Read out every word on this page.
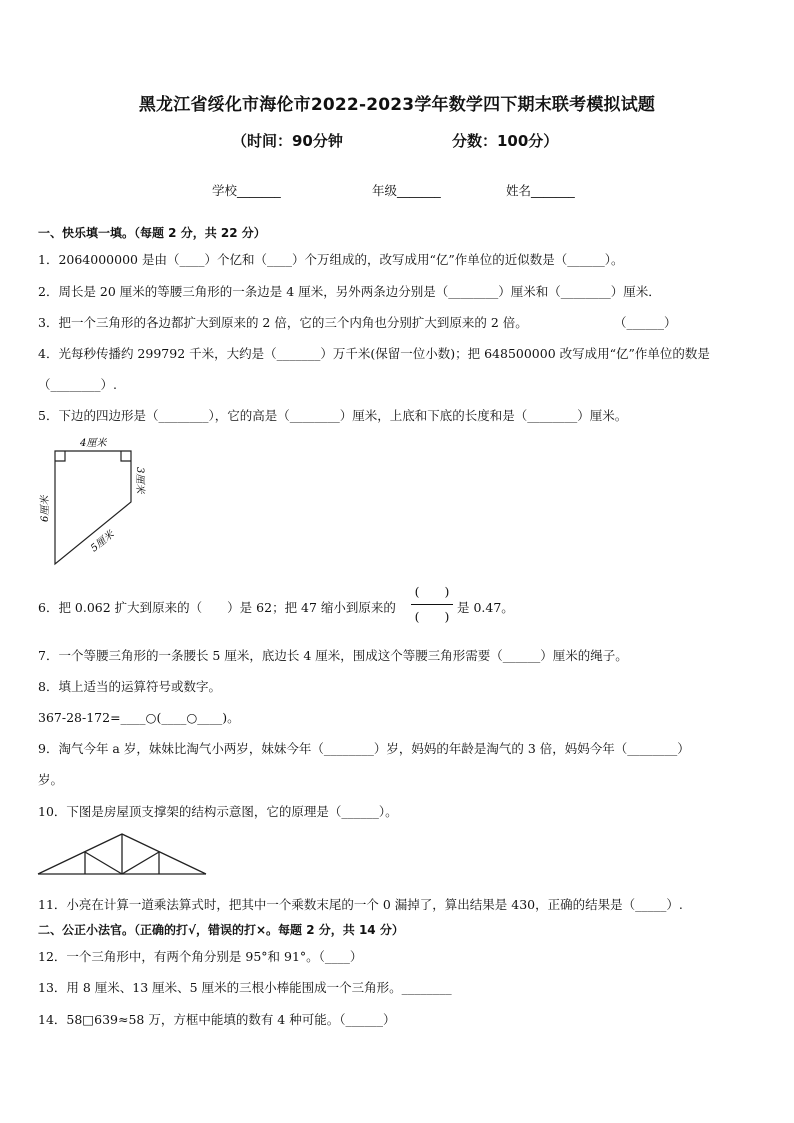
黑龙江省绥化市海伦市2022-2023学年数学四下期末联考模拟试题
（时间：90分钟	分数：100分）
学校_______	年级_______	姓名_______
一、快乐填一填。（每题 2 分，共 22 分）
1．2064000000 是由（____）个亿和（____）个万组成的，改写成用“亿”作单位的近似数是（______）。
2．周长是 20 厘米的等腰三角形的一条边是 4 厘米，另外两条边分别是（________）厘米和（________）厘米．
3．把一个三角形的各边都扩大到原来的 2 倍，它的三个内角也分别扩大到原来的 2 倍。	（______）
4．光每秒传播约 299792 千米，大约是（_______）万千米(保留一位小数)；把 648500000 改写成用“亿”作单位的数是
（________）.
5．下边的四边形是（________），它的高是（________）厘米，上底和下底的长度和是（________）厘米。
4厘米
3厘米
6厘米
5厘米
6．把 0.062 扩大到原来的（　　）是 62；把 47 缩小到原来的
(　　)
(　　)
是 0.47。
7．一个等腰三角形的一条腰长 5 厘米，底边长 4 厘米，围成这个等腰三角形需要（______）厘米的绳子。
8．填上适当的运算符号或数字。
367-28-172=____○(____○____)。
9．淘气今年 a 岁，妹妹比淘气小两岁，妹妹今年（________）岁，妈妈的年龄是淘气的 3 倍，妈妈今年（________）
岁。
10．下图是房屋顶支撑架的结构示意图，它的原理是（______）。
11．小亮在计算一道乘法算式时，把其中一个乘数末尾的一个 0 漏掉了，算出结果是 430，正确的结果是（_____）.
二、公正小法官。（正确的打√，错误的打×。每题 2 分，共 14 分）
12．一个三角形中，有两个角分别是 95°和 91°。（____）
13．用 8 厘米、13 厘米、5 厘米的三根小棒能围成一个三角形。________
14．58□639≈58 万，方框中能填的数有 4 种可能。（______）
